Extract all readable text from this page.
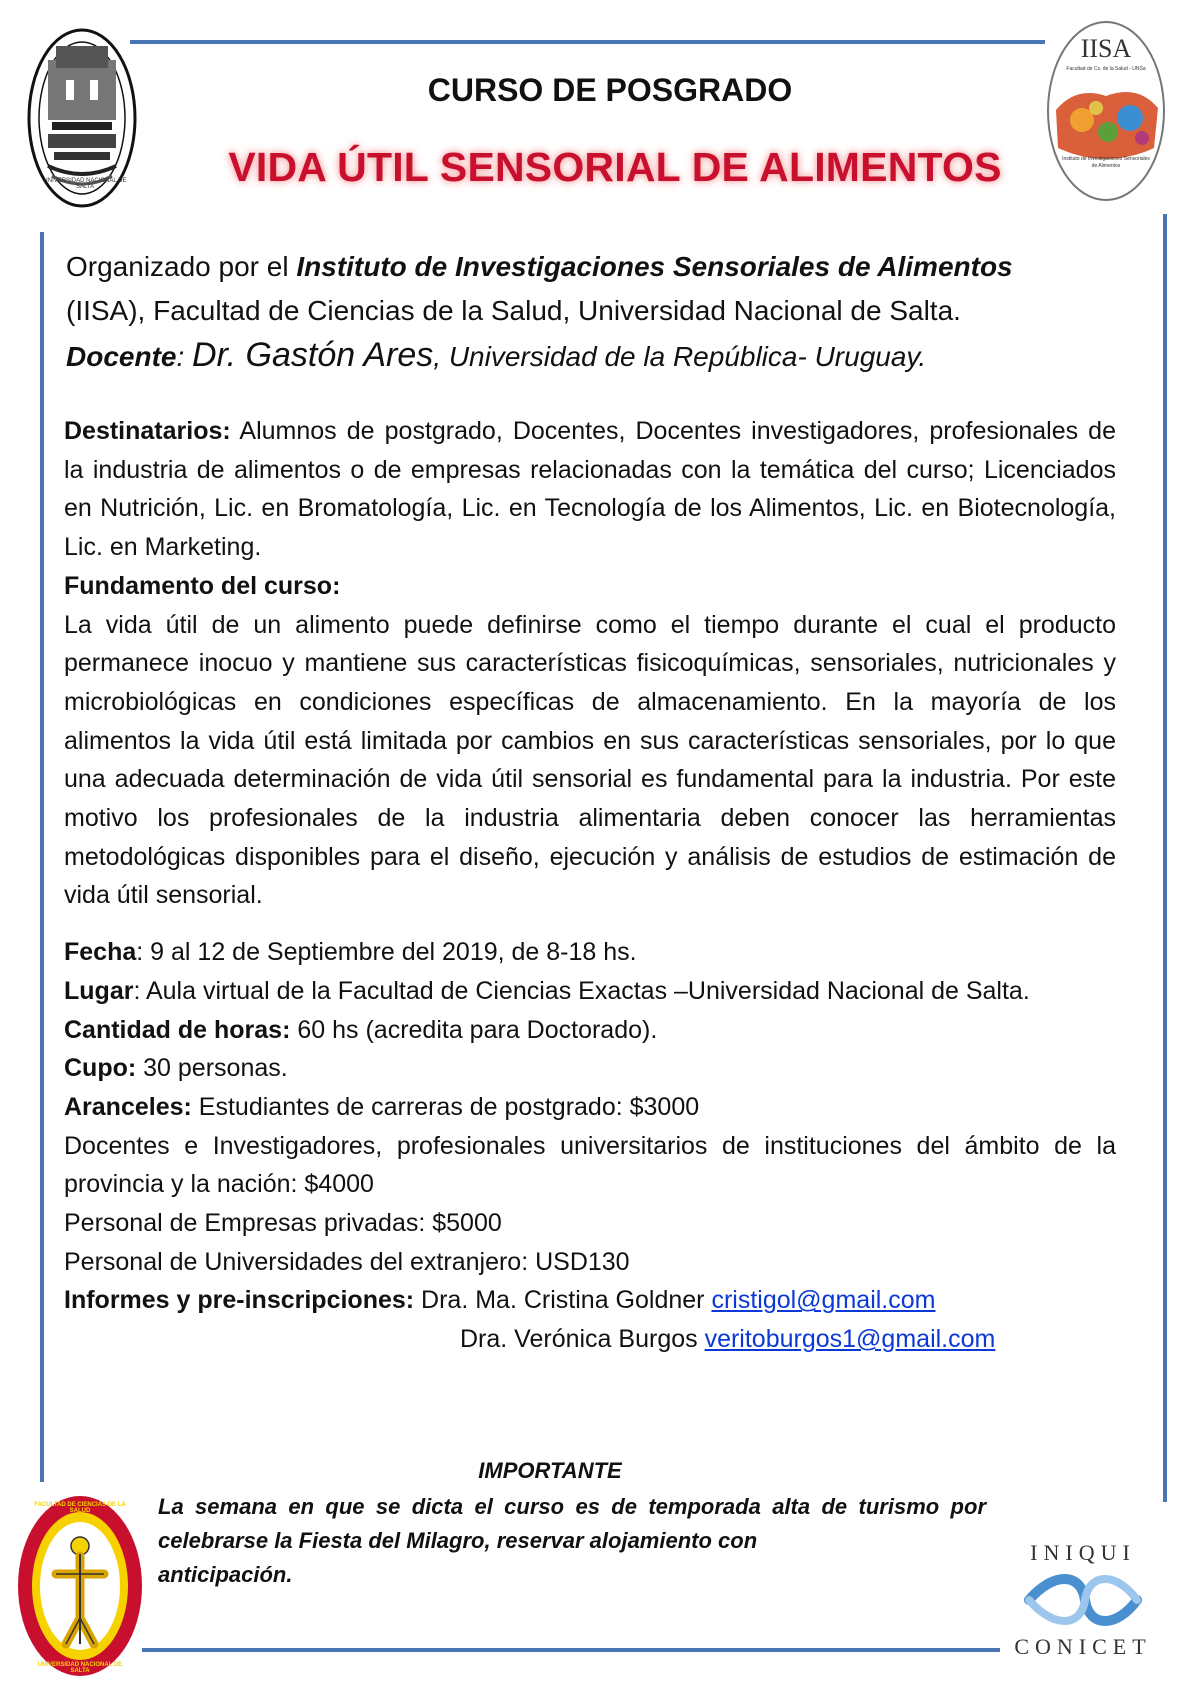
UNIVERSIDAD NACIONAL DE SALTA
IISA
Facultad de Cs. de la Salud - UNSa
Instituto de Investigaciones Sensoriales de Alimentos
CURSO DE POSGRADO
VIDA ÚTIL SENSORIAL DE ALIMENTOS
Organizado por el Instituto de Investigaciones Sensoriales de Alimentos
(IISA), Facultad de Ciencias de la Salud, Universidad Nacional de Salta.
Docente: Dr. Gastón Ares, Universidad de la República- Uruguay.
Destinatarios: Alumnos de postgrado, Docentes, Docentes investigadores, profesionales de la industria de alimentos o de empresas relacionadas con la temática del curso; Licenciados en Nutrición, Lic. en Bromatología, Lic. en Tecnología de los Alimentos, Lic. en Biotecnología, Lic. en Marketing.
Fundamento del curso:
La vida útil de un alimento puede definirse como el tiempo durante el cual el producto permanece inocuo y mantiene sus características fisicoquímicas, sensoriales, nutricionales y microbiológicas en condiciones específicas de almacenamiento. En la mayoría de los alimentos la vida útil está limitada por cambios en sus características sensoriales, por lo que una adecuada determinación de vida útil sensorial es fundamental para la industria. Por este motivo los profesionales de la industria alimentaria deben conocer las herramientas metodológicas disponibles para el diseño, ejecución y análisis de estudios de estimación de vida útil sensorial.
Fecha: 9 al 12 de Septiembre del 2019, de 8-18 hs.
Lugar: Aula virtual de la Facultad de Ciencias Exactas –Universidad Nacional de Salta.
Cantidad de horas: 60 hs (acredita para Doctorado).
Cupo: 30 personas.
Aranceles: Estudiantes de carreras de postgrado: $3000
Docentes e Investigadores, profesionales universitarios de instituciones del ámbito de la provincia y la nación: $4000
Personal de Empresas privadas: $5000
Personal de Universidades del extranjero: USD130
Informes y pre-inscripciones: Dra. Ma. Cristina Goldner cristigol@gmail.com
Dra. Verónica Burgos veritoburgos1@gmail.com
IMPORTANTE
La semana en que se dicta el curso es de temporada alta de turismo por celebrarse la Fiesta del Milagro, reservar alojamiento con
anticipación.
FACULTAD DE CIENCIAS DE LA SALUD
UNIVERSIDAD NACIONAL DE SALTA
INIQUI
CONICET
